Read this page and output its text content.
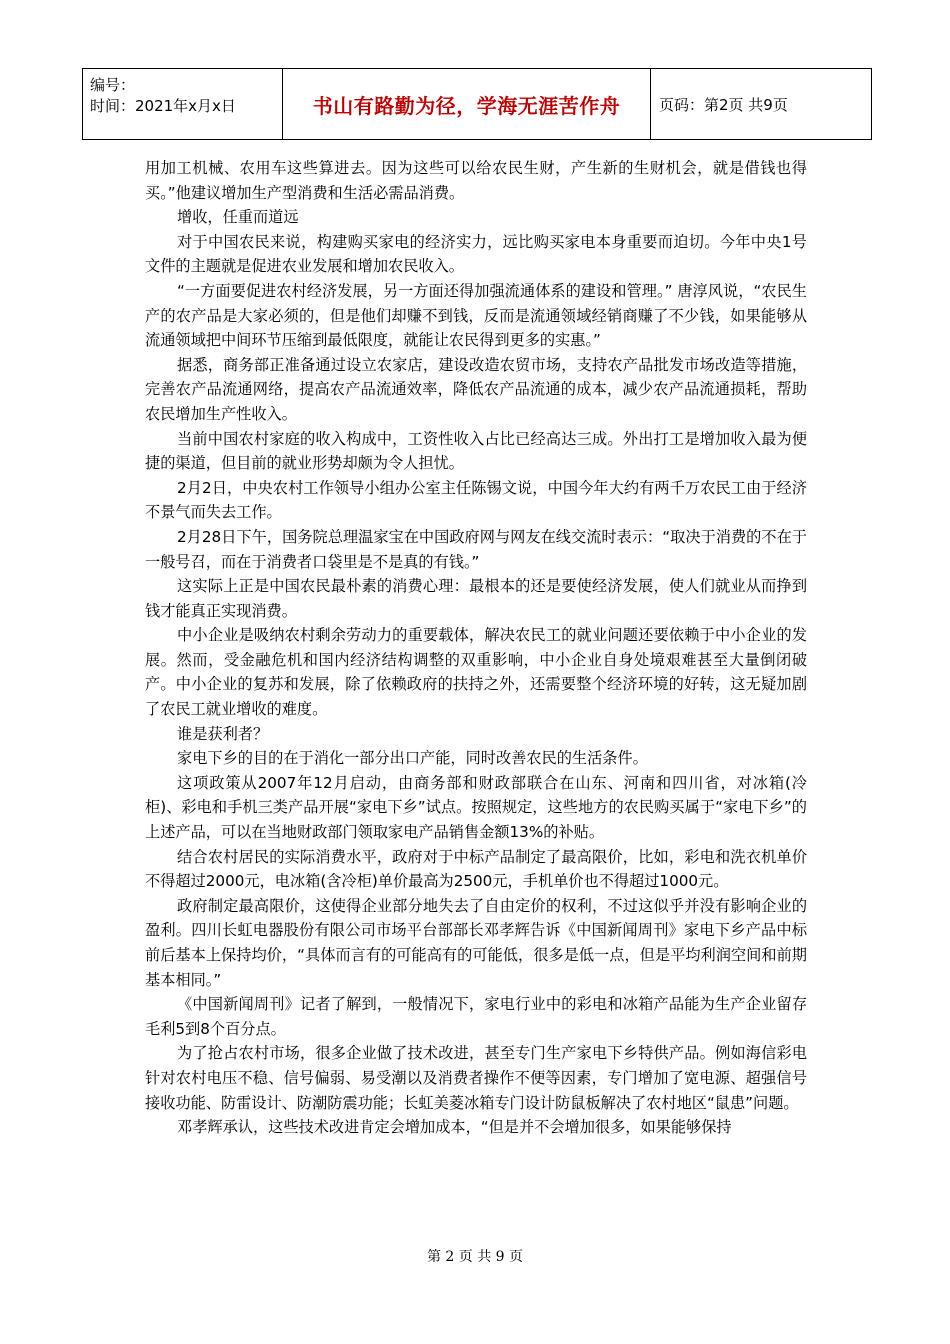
编号：
时间：2021年x月x日	书山有路勤为径，学海无涯苦作舟	页码：第2页 共9页

用加工机械、农用车这些算进去。因为这些可以给农民生财，产生新的生财机会，就是借钱也得买。”他建议增加生产型消费和生活必需品消费。

增收，任重而道远

对于中国农民来说，构建购买家电的经济实力，远比购买家电本身重要而迫切。今年中央1号文件的主题就是促进农业发展和增加农民收入。

“一方面要促进农村经济发展，另一方面还得加强流通体系的建设和管理。” 唐淳风说，“农民生产的农产品是大家必须的，但是他们却赚不到钱，反而是流通领域经销商赚了不少钱，如果能够从流通领域把中间环节压缩到最低限度，就能让农民得到更多的实惠。”

据悉，商务部正准备通过设立农家店，建设改造农贸市场，支持农产品批发市场改造等措施，完善农产品流通网络，提高农产品流通效率，降低农产品流通的成本，减少农产品流通损耗，帮助农民增加生产性收入。

当前中国农村家庭的收入构成中，工资性收入占比已经高达三成。外出打工是增加收入最为便捷的渠道，但目前的就业形势却颇为令人担忧。

2月2日，中央农村工作领导小组办公室主任陈锡文说，中国今年大约有两千万农民工由于经济不景气而失去工作。

2月28日下午，国务院总理温家宝在中国政府网与网友在线交流时表示：“取决于消费的不在于一般号召，而在于消费者口袋里是不是真的有钱。”

这实际上正是中国农民最朴素的消费心理：最根本的还是要使经济发展，使人们就业从而挣到钱才能真正实现消费。

中小企业是吸纳农村剩余劳动力的重要载体，解决农民工的就业问题还要依赖于中小企业的发展。然而，受金融危机和国内经济结构调整的双重影响，中小企业自身处境艰难甚至大量倒闭破产。中小企业的复苏和发展，除了依赖政府的扶持之外，还需要整个经济环境的好转，这无疑加剧了农民工就业增收的难度。

谁是获利者？

家电下乡的目的在于消化一部分出口产能，同时改善农民的生活条件。

这项政策从2007年12月启动，由商务部和财政部联合在山东、河南和四川省，对冰箱(冷柜)、彩电和手机三类产品开展“家电下乡”试点。按照规定，这些地方的农民购买属于“家电下乡”的上述产品，可以在当地财政部门领取家电产品销售金额13%的补贴。

结合农村居民的实际消费水平，政府对于中标产品制定了最高限价，比如，彩电和洗衣机单价不得超过2000元，电冰箱(含冷柜)单价最高为2500元，手机单价也不得超过1000元。

政府制定最高限价，这使得企业部分地失去了自由定价的权利，不过这似乎并没有影响企业的盈利。四川长虹电器股份有限公司市场平台部部长邓孝辉告诉《中国新闻周刊》家电下乡产品中标前后基本上保持均价，“具体而言有的可能高有的可能低，很多是低一点，但是平均利润空间和前期基本相同。”

《中国新闻周刊》记者了解到，一般情况下，家电行业中的彩电和冰箱产品能为生产企业留存毛利5到8个百分点。

为了抢占农村市场，很多企业做了技术改进，甚至专门生产家电下乡特供产品。例如海信彩电针对农村电压不稳、信号偏弱、易受潮以及消费者操作不便等因素，专门增加了宽电源、超强信号接收功能、防雷设计、防潮防震功能；长虹美菱冰箱专门设计防鼠板解决了农村地区“鼠患”问题。

邓孝辉承认，这些技术改进肯定会增加成本，“但是并不会增加很多，如果能够保持

第 2 页 共 9 页
